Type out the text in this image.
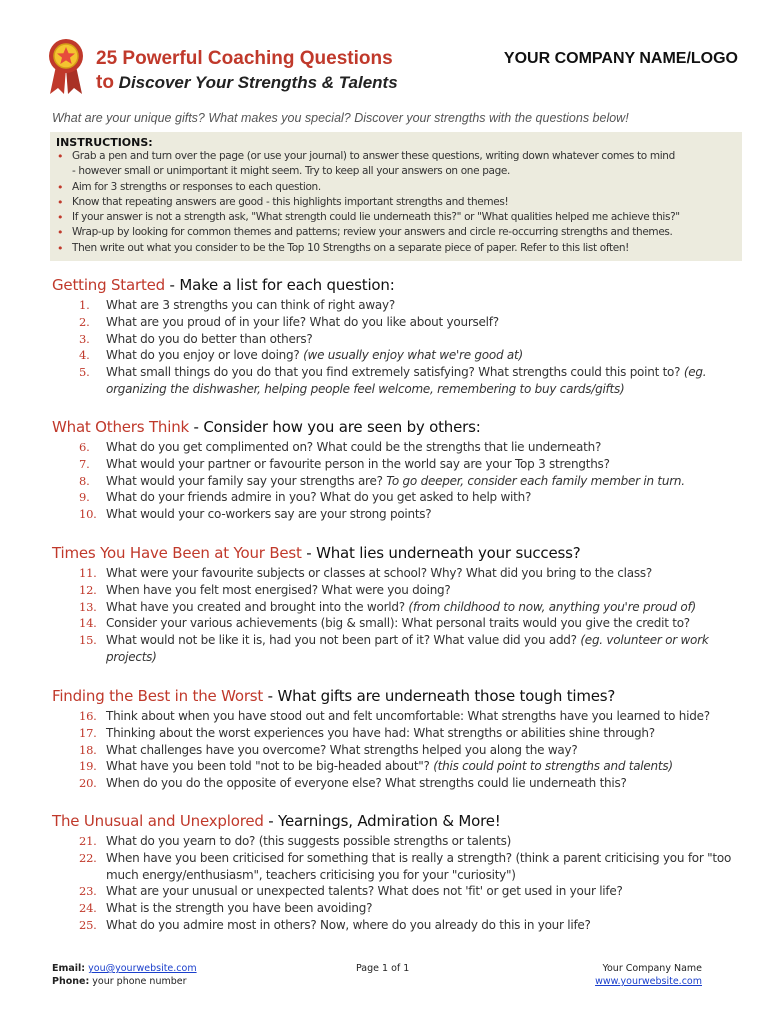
25 Powerful Coaching Questions
to Discover Your Strengths & Talents
YOUR COMPANY NAME/LOGO
What are your unique gifts? What makes you special? Discover your strengths with the questions below!
INSTRUCTIONS:
• Grab a pen and turn over the page (or use your journal) to answer these questions, writing down whatever comes to mind
- however small or unimportant it might seem. Try to keep all your answers on one page.
• Aim for 3 strengths or responses to each question.
• Know that repeating answers are good - this highlights important strengths and themes!
• If your answer is not a strength ask, "What strength could lie underneath this?" or "What qualities helped me achieve this?"
• Wrap-up by looking for common themes and patterns; review your answers and circle re-occurring strengths and themes.
• Then write out what you consider to be the Top 10 Strengths on a separate piece of paper. Refer to this list often!
Getting Started - Make a list for each question:
1. What are 3 strengths you can think of right away?
2. What are you proud of in your life? What do you like about yourself?
3. What do you do better than others?
4. What do you enjoy or love doing? (we usually enjoy what we're good at)
5. What small things do you do that you find extremely satisfying? What strengths could this point to? (eg. organizing the dishwasher, helping people feel welcome, remembering to buy cards/gifts)
What Others Think - Consider how you are seen by others:
6. What do you get complimented on? What could be the strengths that lie underneath?
7. What would your partner or favourite person in the world say are your Top 3 strengths?
8. What would your family say your strengths are? To go deeper, consider each family member in turn.
9. What do your friends admire in you? What do you get asked to help with?
10. What would your co-workers say are your strong points?
Times You Have Been at Your Best - What lies underneath your success?
11. What were your favourite subjects or classes at school? Why? What did you bring to the class?
12. When have you felt most energised? What were you doing?
13. What have you created and brought into the world? (from childhood to now, anything you're proud of)
14. Consider your various achievements (big & small): What personal traits would you give the credit to?
15. What would not be like it is, had you not been part of it? What value did you add? (eg. volunteer or work projects)
Finding the Best in the Worst - What gifts are underneath those tough times?
16. Think about when you have stood out and felt uncomfortable: What strengths have you learned to hide?
17. Thinking about the worst experiences you have had: What strengths or abilities shine through?
18. What challenges have you overcome? What strengths helped you along the way?
19. What have you been told "not to be big-headed about"? (this could point to strengths and talents)
20. When do you do the opposite of everyone else? What strengths could lie underneath this?
The Unusual and Unexplored - Yearnings, Admiration & More!
21. What do you yearn to do? (this suggests possible strengths or talents)
22. When have you been criticised for something that is really a strength? (think a parent criticising you for "too much energy/enthusiasm", teachers criticising you for your "curiosity")
23. What are your unusual or unexpected talents? What does not 'fit' or get used in your life?
24. What is the strength you have been avoiding?
25. What do you admire most in others? Now, where do you already do this in your life?
Email: you@yourwebsite.com
Phone: your phone number
Page 1 of 1	Your Company Name
www.yourwebsite.com
